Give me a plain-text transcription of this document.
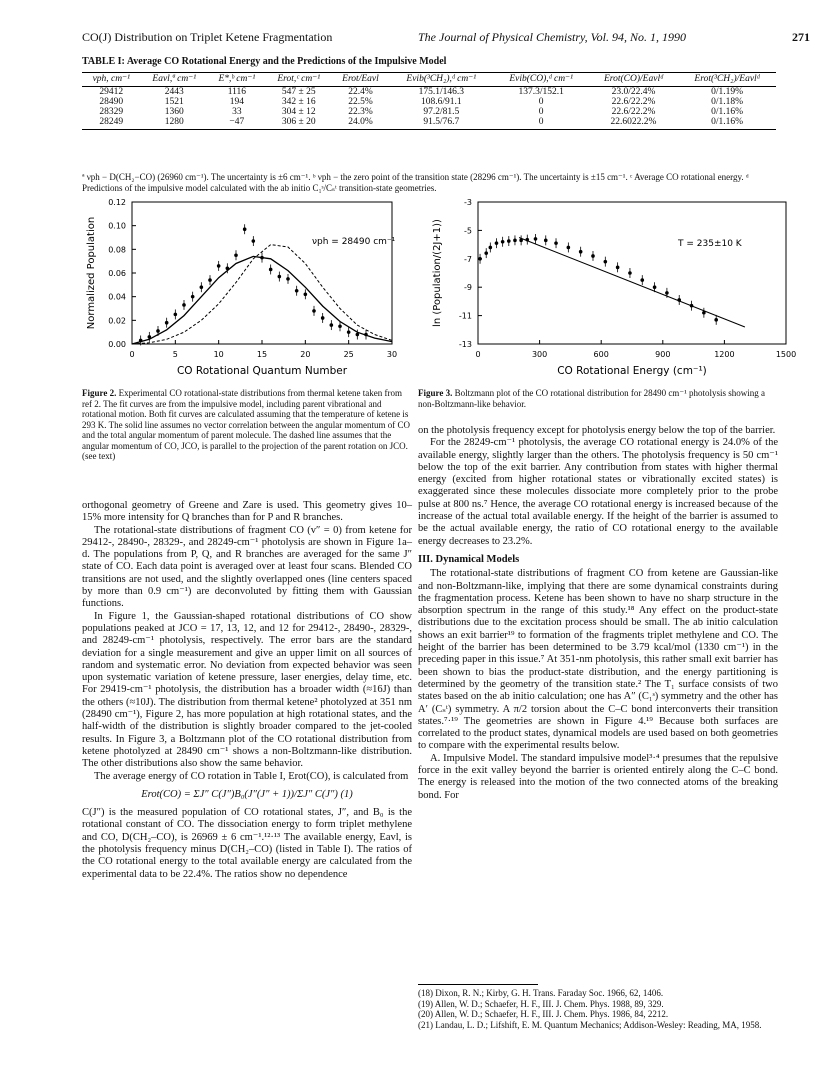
CO(J) Distribution on Triplet Ketene Fragmentation	The Journal of Physical Chemistry, Vol. 94, No. 1, 1990	271
TABLE I: Average CO Rotational Energy and the Predictions of the Impulsive Model
νph, cm⁻¹	Eavl,ª cm⁻¹	E*,ᵇ cm⁻¹	Erot,ᶜ cm⁻¹	Erot/Eavl	Evib(³CH₂),ᵈ cm⁻¹	Evib(CO),ᵈ cm⁻¹	Erot(CO)/Eavlᵈ	Erot(³CH₂)/Eavlᵈ
29412	2443	1116	547 ± 25	22.4%	175.1/146.3	137.3/152.1	23.0/22.4%	0/1.19%
28490	1521	194	342 ± 16	22.5%	108.6/91.1	0	22.6/22.2%	0/1.18%
28329	1360	33	304 ± 12	22.3%	97.2/81.5	0	22.6/22.2%	0/1.16%
28249	1280	−47	306 ± 20	24.0%	91.5/76.7	0	22.6022.2%	0/1.16%
ª νph − D(CH₂−CO) (26960 cm⁻¹). The uncertainty is ±6 cm⁻¹. ᵇ νph − the zero point of the transition state (28296 cm⁻¹). The uncertainty is ±15 cm⁻¹. ᶜ Average CO rotational energy. ᵈ Predictions of the impulsive model calculated with the ab initio C₁ˢ/Cₛᵗ transition-state geometries.
0	5	10	15	20	25	30
0.00
0.02
0.04
0.06
0.08
0.10
0.12
CO Rotational Quantum Number
Normalized Population	νph = 28490 cm⁻¹
Figure 2. Experimental CO rotational-state distributions from thermal ketene taken from ref 2. The fit curves are from the impulsive model, including parent vibrational and rotational motion. Both fit curves are calculated assuming that the temperature of ketene is 293 K. The solid line assumes no vector correlation between the angular momentum of CO and the total angular momentum of parent molecule. The dashed line assumes that the angular momentum of CO, JCO, is parallel to the projection of the parent rotation on JCO. (see text)
0	300	600	900	1200	1500
-3
-5
-7
-9
-11
-13
CO Rotational Energy (cm⁻¹)
ln (Population/(2J+1))	T = 235±10 K
Figure 3. Boltzmann plot of the CO rotational distribution for 28490 cm⁻¹ photolysis showing a non-Boltzmann-like behavior.

orthogonal geometry of Greene and Zare is used. This geometry gives 10–15% more intensity for Q branches than for P and R branches.

The rotational-state distributions of fragment CO (v″ = 0) from ketene for 29412-, 28490-, 28329-, and 28249-cm⁻¹ photolysis are shown in Figure 1a–d. The populations from P, Q, and R branches are averaged for the same J″ state of CO. Each data point is averaged over at least four scans. Blended CO transitions are not used, and the slightly overlapped ones (line centers spaced by more than 0.9 cm⁻¹) are deconvoluted by fitting them with Gaussian functions.

In Figure 1, the Gaussian-shaped rotational distributions of CO show populations peaked at JCO = 17, 13, 12, and 12 for 29412-, 28490-, 28329-, and 28249-cm⁻¹ photolysis, respectively. The error bars are the standard deviation for a single measurement and give an upper limit on all sources of random and systematic error. No deviation from expected behavior was seen upon systematic variation of ketene pressure, laser energies, delay time, etc. For 29419-cm⁻¹ photolysis, the distribution has a broader width (≈16J) than the others (≈10J). The distribution from thermal ketene² photolyzed at 351 nm (28490 cm⁻¹), Figure 2, has more population at high rotational states, and the half-width of the distribution is slightly broader compared to the jet-cooled results. In Figure 3, a Boltzmann plot of the CO rotational distribution from ketene photolyzed at 28490 cm⁻¹ shows a non-Boltzmann-like distribution. The other distributions also show the same behavior.

The average energy of CO rotation in Table I, Erot(CO), is calculated from

Erot(CO) = ΣJ″ C(J″)B₀(J″(J″ + 1))/ΣJ″ C(J″) (1)

C(J″) is the measured population of CO rotational states, J″, and B₀ is the rotational constant of CO. The dissociation energy to form triplet methylene and CO, D(CH₂–CO), is 26969 ± 6 cm⁻¹.¹²·¹³ The available energy, Eavl, is the photolysis frequency minus D(CH₂–CO) (listed in Table I). The ratios of the CO rotational energy to the total available energy are calculated from the experimental data to be 22.4%. The ratios show no dependence

on the photolysis frequency except for photolysis energy below the top of the barrier.

For the 28249-cm⁻¹ photolysis, the average CO rotational energy is 24.0% of the available energy, slightly larger than the others. The photolysis frequency is 50 cm⁻¹ below the top of the exit barrier. Any contribution from states with higher thermal energy (excited from higher rotational states or vibrationally excited states) is exaggerated since these molecules dissociate more completely prior to the probe pulse at 800 ns.⁷ Hence, the average CO rotational energy is increased because of the increase of the actual total available energy. If the height of the barrier is assumed to be the actual available energy, the ratio of CO rotational energy to the available energy decreases to 23.2%.

III. Dynamical Models

The rotational-state distributions of fragment CO from ketene are Gaussian-like and non-Boltzmann-like, implying that there are some dynamical constraints during the fragmentation process. Ketene has been shown to have no sharp structure in the absorption spectrum in the range of this study.¹⁸ Any effect on the product-state distributions due to the excitation process should be small. The ab initio calculation shows an exit barrier¹⁹ to formation of the fragments triplet methylene and CO. The height of the barrier has been determined to be 3.79 kcal/mol (1330 cm⁻¹) in the preceding paper in this issue.⁷ At 351-nm photolysis, this rather small exit barrier has been shown to bias the product-state distribution, and the energy partitioning is determined by the geometry of the transition state.² The T₁ surface consists of two states based on the ab initio calculation; one has A″ (C₁ˢ) symmetry and the other has A′ (Cₛᵗ) symmetry. A π/2 torsion about the C–C bond interconverts their transition states.⁷·¹⁹ The geometries are shown in Figure 4.¹⁹ Because both surfaces are correlated to the product states, dynamical models are used based on both geometries to compare with the experimental results below.

A. Impulsive Model. The standard impulsive model³·⁴ presumes that the repulsive force in the exit valley beyond the barrier is oriented entirely along the C–C bond. The energy is released into the motion of the two connected atoms of the breaking bond. For

(18) Dixon, R. N.; Kirby, G. H. Trans. Faraday Soc. 1966, 62, 1406.
(19) Allen, W. D.; Schaefer, H. F., III. J. Chem. Phys. 1988, 89, 329.
(20) Allen, W. D.; Schaefer, H. F., III. J. Chem. Phys. 1986, 84, 2212.
(21) Landau, L. D.; Lifshift, E. M. Quantum Mechanics; Addison-Wesley: Reading, MA, 1958.
